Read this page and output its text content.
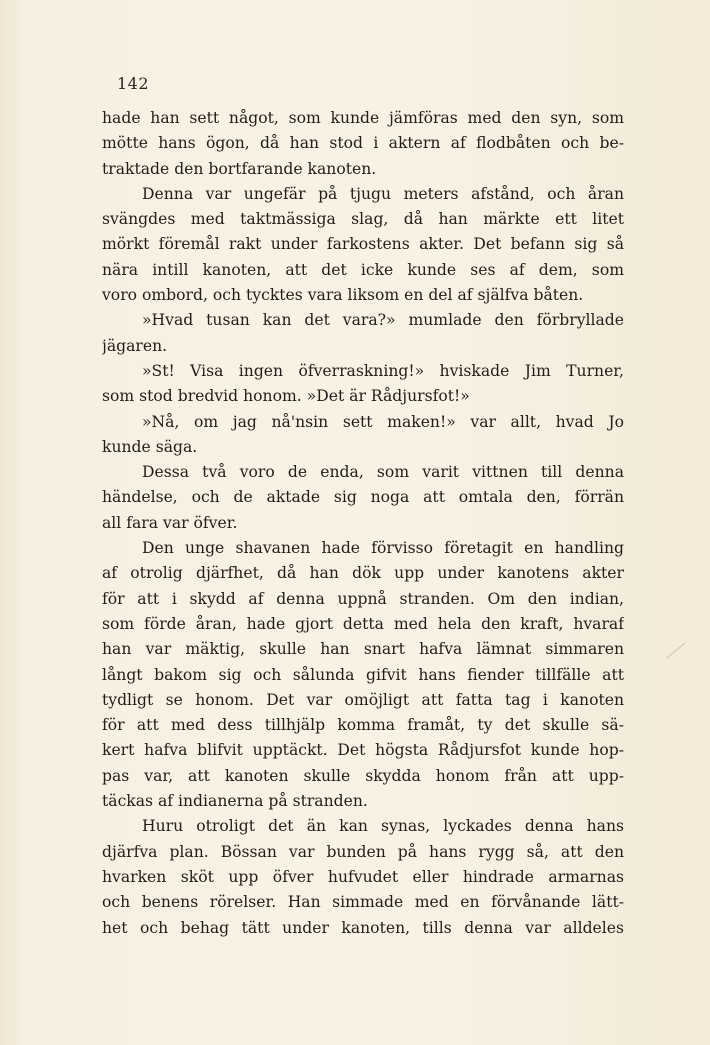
142
hade han sett något, som kunde jämföras med den syn, som
mötte hans ögon, då han stod i aktern af flodbåten och be-
traktade den bortfarande kanoten.
Denna var ungefär på tjugu meters afstånd, och åran
svängdes med taktmässiga slag, då han märkte ett litet
mörkt föremål rakt under farkostens akter. Det befann sig så
nära intill kanoten, att det icke kunde ses af dem, som
voro ombord, och tycktes vara liksom en del af själfva båten.
»Hvad tusan kan det vara?» mumlade den förbryllade
jägaren.
»St! Visa ingen öfverraskning!» hviskade Jim Turner,
som stod bredvid honom. »Det är Rådjursfot!»
»Nå, om jag nå'nsin sett maken!» var allt, hvad Jo
kunde säga.
Dessa två voro de enda, som varit vittnen till denna
händelse, och de aktade sig noga att omtala den, förrän
all fara var öfver.
Den unge shavanen hade förvisso företagit en handling
af otrolig djärfhet, då han dök upp under kanotens akter
för att i skydd af denna uppnå stranden. Om den indian,
som förde åran, hade gjort detta med hela den kraft, hvaraf
han var mäktig, skulle han snart hafva lämnat simmaren
långt bakom sig och sålunda gifvit hans fiender tillfälle att
tydligt se honom. Det var omöjligt att fatta tag i kanoten
för att med dess tillhjälp komma framåt, ty det skulle sä-
kert hafva blifvit upptäckt. Det högsta Rådjursfot kunde hop-
pas var, att kanoten skulle skydda honom från att upp-
täckas af indianerna på stranden.
Huru otroligt det än kan synas, lyckades denna hans
djärfva plan. Bössan var bunden på hans rygg så, att den
hvarken sköt upp öfver hufvudet eller hindrade armarnas
och benens rörelser. Han simmade med en förvånande lätt-
het och behag tätt under kanoten, tills denna var alldeles
